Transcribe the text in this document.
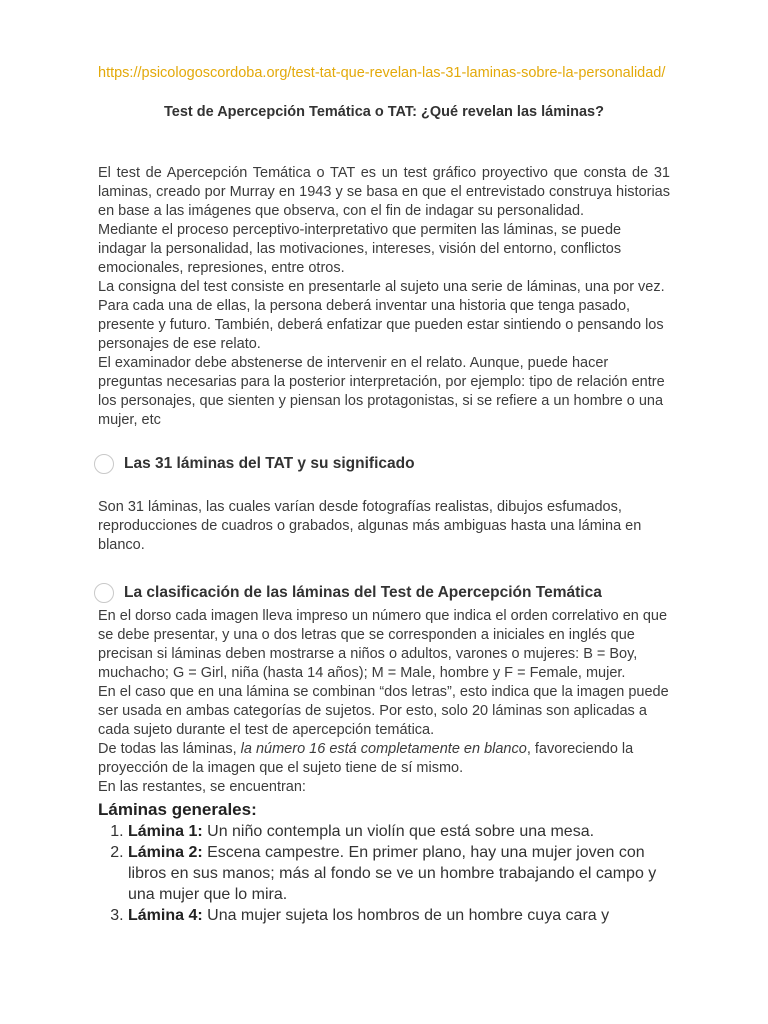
https://psicologoscordoba.org/test-tat-que-revelan-las-31-laminas-sobre-la-personalidad/
Test de Apercepción Temática o TAT: ¿Qué revelan las láminas?

El test de Apercepción Temática o TAT es un test gráfico proyectivo que consta de 31 laminas, creado por Murray en 1943 y se basa en que el entrevistado construya historias en base a las imágenes que observa, con el fin de indagar su personalidad.

Mediante el proceso perceptivo-interpretativo que permiten las láminas, se puede indagar la personalidad, las motivaciones, intereses, visión del entorno, conflictos emocionales, represiones, entre otros.

La consigna del test consiste en presentarle al sujeto una serie de láminas, una por vez. Para cada una de ellas, la persona deberá inventar una historia que tenga pasado, presente y futuro. También, deberá enfatizar que pueden estar sintiendo o pensando los personajes de ese relato.

El examinador debe abstenerse de intervenir en el relato. Aunque, puede hacer preguntas necesarias para la posterior interpretación, por ejemplo: tipo de relación entre los personajes, que sienten y piensan los protagonistas, si se refiere a un hombre o una mujer, etc

Las 31 láminas del TAT y su significado

Son 31 láminas, las cuales varían desde fotografías realistas, dibujos esfumados, reproducciones de cuadros o grabados, algunas más ambiguas hasta una lámina en blanco.

La clasificación de las láminas del Test de Apercepción Temática

En el dorso cada imagen lleva impreso un número que indica el orden correlativo en que se debe presentar, y una o dos letras que se corresponden a iniciales en inglés que precisan si láminas deben mostrarse a niños o adultos, varones o mujeres: B = Boy, muchacho; G = Girl, niña (hasta 14 años); M = Male, hombre y F = Female, mujer.

En el caso que en una lámina se combinan “dos letras”, esto indica que la imagen puede ser usada en ambas categorías de sujetos. Por esto, solo 20 láminas son aplicadas a cada sujeto durante el test de apercepción temática.

De todas las láminas, la número 16 está completamente en blanco, favoreciendo la proyección de la imagen que el sujeto tiene de sí mismo.

En las restantes, se encuentran:

Láminas generales:
1. Lámina 1: Un niño contempla un violín que está sobre una mesa.
2. Lámina 2: Escena campestre. En primer plano, hay una mujer joven con libros en sus manos; más al fondo se ve un hombre trabajando el campo y una mujer que lo mira.
3. Lámina 4: Una mujer sujeta los hombros de un hombre cuya cara y
